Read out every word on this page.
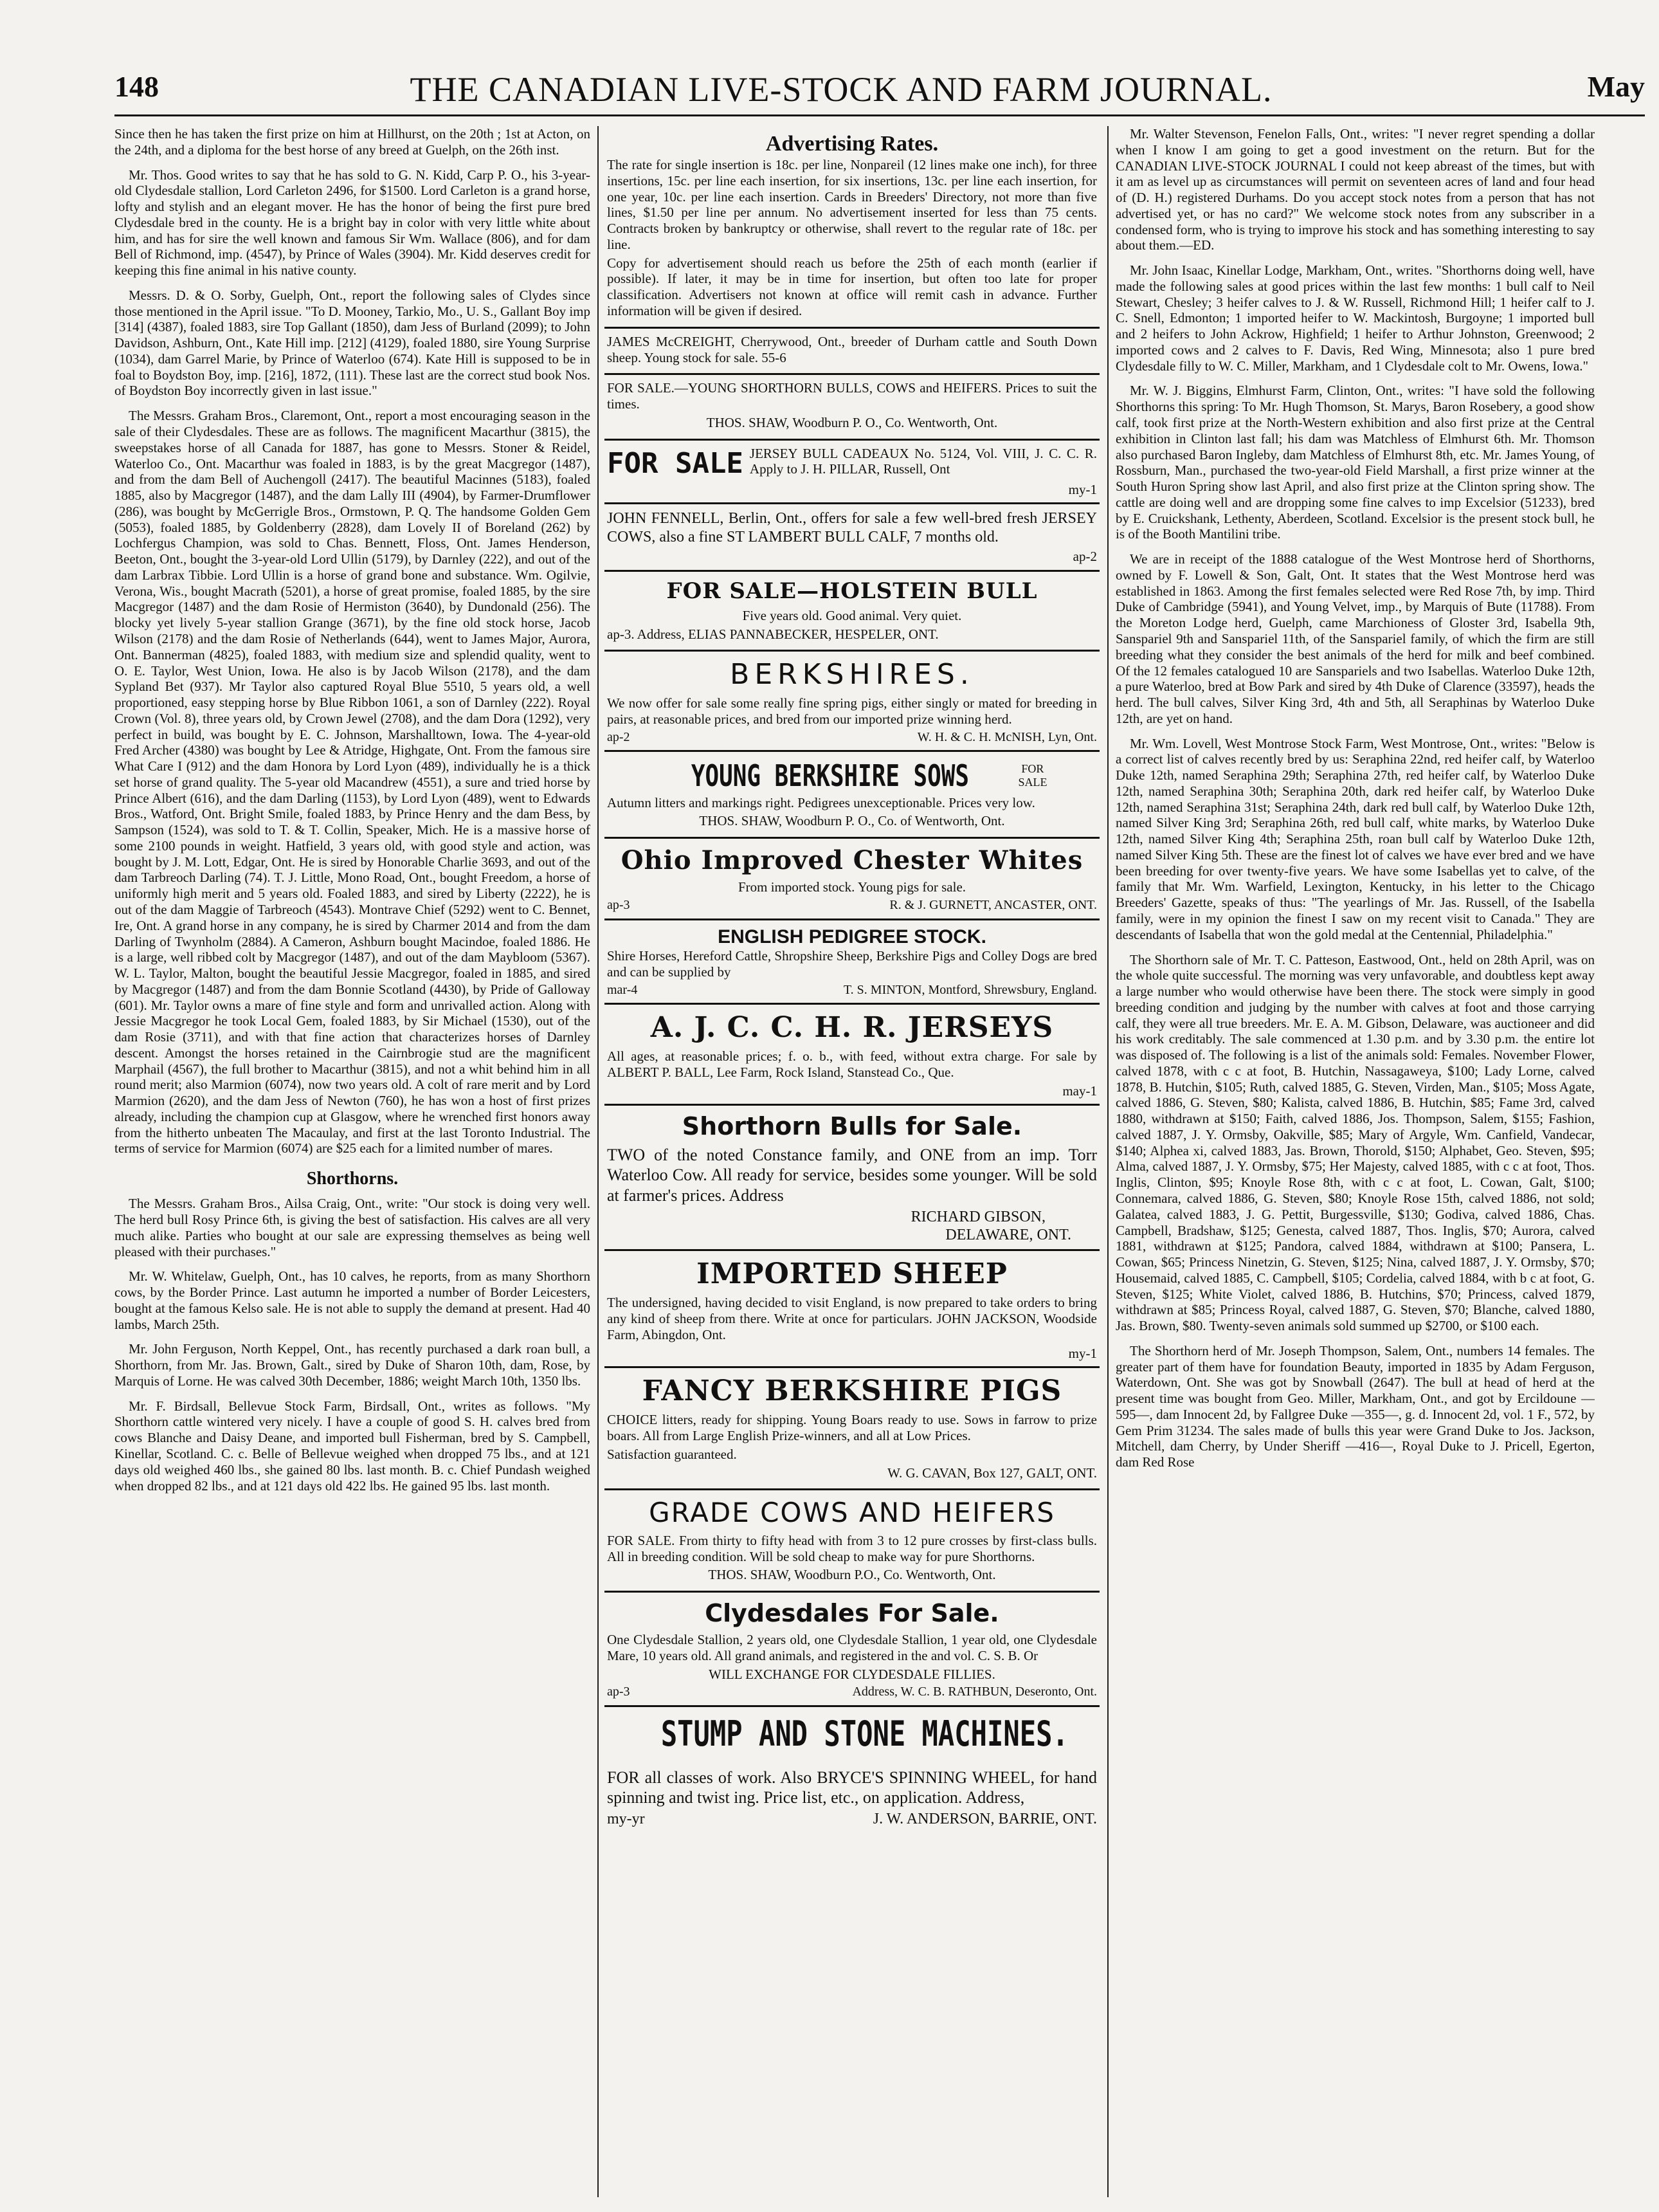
148	THE CANADIAN LIVE-STOCK AND FARM JOURNAL.	May

Since then he has taken the first prize on him at Hillhurst, on the 20th ; 1st at Acton, on the 24th, and a diploma for the best horse of any breed at Guelph, on the 26th inst.

Mr. Thos. Good writes to say that he has sold to G. N. Kidd, Carp P. O., his 3-year-old Clydesdale stallion, Lord Carleton 2496, for $1500. Lord Carleton is a grand horse, lofty and stylish and an elegant mover. He has the honor of being the first pure bred Clydesdale bred in the county. He is a bright bay in color with very little white about him, and has for sire the well known and famous Sir Wm. Wallace (806), and for dam Bell of Richmond, imp. (4547), by Prince of Wales (3904). Mr. Kidd deserves credit for keeping this fine animal in his native county.

Messrs. D. & O. Sorby, Guelph, Ont., report the following sales of Clydes since those mentioned in the April issue. "To D. Mooney, Tarkio, Mo., U. S., Gallant Boy imp [314] (4387), foaled 1883, sire Top Gallant (1850), dam Jess of Burland (2099); to John Davidson, Ashburn, Ont., Kate Hill imp. [212] (4129), foaled 1880, sire Young Surprise (1034), dam Garrel Marie, by Prince of Waterloo (674). Kate Hill is supposed to be in foal to Boydston Boy, imp. [216], 1872, (111). These last are the correct stud book Nos. of Boydston Boy incorrectly given in last issue."

The Messrs. Graham Bros., Claremont, Ont., report a most encouraging season in the sale of their Clydesdales. These are as follows. The magnificent Macarthur (3815), the sweepstakes horse of all Canada for 1887, has gone to Messrs. Stoner & Reidel, Waterloo Co., Ont. Macarthur was foaled in 1883, is by the great Macgregor (1487), and from the dam Bell of Auchengoll (2417). The beautiful Macinnes (5183), foaled 1885, also by Macgregor (1487), and the dam Lally III (4904), by Farmer-Drumflower (286), was bought by McGerrigle Bros., Ormstown, P. Q. The handsome Golden Gem (5053), foaled 1885, by Goldenberry (2828), dam Lovely II of Boreland (262) by Lochfergus Champion, was sold to Chas. Bennett, Floss, Ont. James Henderson, Beeton, Ont., bought the 3-year-old Lord Ullin (5179), by Darnley (222), and out of the dam Larbrax Tibbie. Lord Ullin is a horse of grand bone and substance. Wm. Ogilvie, Verona, Wis., bought Macrath (5201), a horse of great promise, foaled 1885, by the sire Macgregor (1487) and the dam Rosie of Hermiston (3640), by Dundonald (256). The blocky yet lively 5-year stallion Grange (3671), by the fine old stock horse, Jacob Wilson (2178) and the dam Rosie of Netherlands (644), went to James Major, Aurora, Ont. Bannerman (4825), foaled 1883, with medium size and splendid quality, went to O. E. Taylor, West Union, Iowa. He also is by Jacob Wilson (2178), and the dam Sypland Bet (937). Mr Taylor also captured Royal Blue 5510, 5 years old, a well proportioned, easy stepping horse by Blue Ribbon 1061, a son of Darnley (222). Royal Crown (Vol. 8), three years old, by Crown Jewel (2708), and the dam Dora (1292), very perfect in build, was bought by E. C. Johnson, Marshalltown, Iowa. The 4-year-old Fred Archer (4380) was bought by Lee & Atridge, Highgate, Ont. From the famous sire What Care I (912) and the dam Honora by Lord Lyon (489), individually he is a thick set horse of grand quality. The 5-year old Macandrew (4551), a sure and tried horse by Prince Albert (616), and the dam Darling (1153), by Lord Lyon (489), went to Edwards Bros., Watford, Ont. Bright Smile, foaled 1883, by Prince Henry and the dam Bess, by Sampson (1524), was sold to T. & T. Collin, Speaker, Mich. He is a massive horse of some 2100 pounds in weight. Hatfield, 3 years old, with good style and action, was bought by J. M. Lott, Edgar, Ont. He is sired by Honorable Charlie 3693, and out of the dam Tarbreoch Darling (74). T. J. Little, Mono Road, Ont., bought Freedom, a horse of uniformly high merit and 5 years old. Foaled 1883, and sired by Liberty (2222), he is out of the dam Maggie of Tarbreoch (4543). Montrave Chief (5292) went to C. Bennet, Ire, Ont. A grand horse in any company, he is sired by Charmer 2014 and from the dam Darling of Twynholm (2884). A Cameron, Ashburn bought Macindoe, foaled 1886. He is a large, well ribbed colt by Macgregor (1487), and out of the dam Maybloom (5367). W. L. Taylor, Malton, bought the beautiful Jessie Macgregor, foaled in 1885, and sired by Macgregor (1487) and from the dam Bonnie Scotland (4430), by Pride of Galloway (601). Mr. Taylor owns a mare of fine style and form and unrivalled action. Along with Jessie Macgregor he took Local Gem, foaled 1883, by Sir Michael (1530), out of the dam Rosie (3711), and with that fine action that characterizes horses of Darnley descent. Amongst the horses retained in the Cairnbrogie stud are the magnificent Marphail (4567), the full brother to Macarthur (3815), and not a whit behind him in all round merit; also Marmion (6074), now two years old. A colt of rare merit and by Lord Marmion (2620), and the dam Jess of Newton (760), he has won a host of first prizes already, including the champion cup at Glasgow, where he wrenched first honors away from the hitherto unbeaten The Macaulay, and first at the last Toronto Industrial. The terms of service for Marmion (6074) are $25 each for a limited number of mares.

Shorthorns.

The Messrs. Graham Bros., Ailsa Craig, Ont., write: "Our stock is doing very well. The herd bull Rosy Prince 6th, is giving the best of satisfaction. His calves are all very much alike. Parties who bought at our sale are expressing themselves as being well pleased with their purchases."

Mr. W. Whitelaw, Guelph, Ont., has 10 calves, he reports, from as many Shorthorn cows, by the Border Prince. Last autumn he imported a number of Border Leicesters, bought at the famous Kelso sale. He is not able to supply the demand at present. Had 40 lambs, March 25th.

Mr. John Ferguson, North Keppel, Ont., has recently purchased a dark roan bull, a Shorthorn, from Mr. Jas. Brown, Galt., sired by Duke of Sharon 10th, dam, Rose, by Marquis of Lorne. He was calved 30th December, 1886; weight March 10th, 1350 lbs.

Mr. F. Birdsall, Bellevue Stock Farm, Birdsall, Ont., writes as follows. "My Shorthorn cattle wintered very nicely. I have a couple of good S. H. calves bred from cows Blanche and Daisy Deane, and imported bull Fisherman, bred by S. Campbell, Kinellar, Scotland. C. c. Belle of Bellevue weighed when dropped 75 lbs., and at 121 days old weighed 460 lbs., she gained 80 lbs. last month. B. c. Chief Pundash weighed when dropped 82 lbs., and at 121 days old 422 lbs. He gained 95 lbs. last month.

Advertising Rates.

The rate for single insertion is 18c. per line, Nonpareil (12 lines make one inch), for three insertions, 15c. per line each insertion, for six insertions, 13c. per line each insertion, for one year, 10c. per line each insertion. Cards in Breeders' Directory, not more than five lines, $1.50 per line per annum. No advertisement inserted for less than 75 cents. Contracts broken by bankruptcy or otherwise, shall revert to the regular rate of 18c. per line.

Copy for advertisement should reach us before the 25th of each month (earlier if possible). If later, it may be in time for insertion, but often too late for proper classification. Advertisers not known at office will remit cash in advance. Further information will be given if desired.

JAMES McCREIGHT, Cherrywood, Ont., breeder of Durham cattle and South Down sheep. Young stock for sale. 55-6

FOR SALE.—YOUNG SHORTHORN BULLS, COWS and HEIFERS. Prices to suit the times.

THOS. SHAW, Woodburn P. O., Co. Wentworth, Ont.

FOR SALE JERSEY BULL CADEAUX No. 5124, Vol. VIII, J. C. C. R. Apply to J. H. PILLAR, Russell, Ont
my-1

JOHN FENNELL, Berlin, Ont., offers for sale a few well-bred fresh JERSEY COWS, also a fine ST LAMBERT BULL CALF, 7 months old.

ap-2
FOR SALE—HOLSTEIN BULL

Five years old. Good animal. Very quiet.

ap-3. Address, ELIAS PANNABECKER, HESPELER, ONT.

BERKSHIRES.

We now offer for sale some really fine spring pigs, either singly or mated for breeding in pairs, at reasonable prices, and bred from our imported prize winning herd.

ap-2	W. H. & C. H. McNISH, Lyn, Ont.
YOUNG BERKSHIRE SOWS	FOR SALE

Autumn litters and markings right. Pedigrees unexceptionable. Prices very low.

THOS. SHAW, Woodburn P. O., Co. of Wentworth, Ont.

Ohio Improved Chester Whites

From imported stock. Young pigs for sale.

ap-3	R. & J. GURNETT, ANCASTER, ONT.
ENGLISH PEDIGREE STOCK.

Shire Horses, Hereford Cattle, Shropshire Sheep, Berkshire Pigs and Colley Dogs are bred and can be supplied by

mar-4	T. S. MINTON, Montford, Shrewsbury, England.
A. J. C. C. H. R. JERSEYS

All ages, at reasonable prices; f. o. b., with feed, without extra charge. For sale by ALBERT P. BALL, Lee Farm, Rock Island, Stanstead Co., Que.

may-1
Shorthorn Bulls for Sale.

TWO of the noted Constance family, and ONE from an imp. Torr Waterloo Cow. All ready for service, besides some younger. Will be sold at farmer's prices. Address

RICHARD GIBSON,
DELAWARE, ONT.
IMPORTED SHEEP

The undersigned, having decided to visit England, is now prepared to take orders to bring any kind of sheep from there. Write at once for particulars. JOHN JACKSON, Woodside Farm, Abingdon, Ont.

my-1
FANCY BERKSHIRE PIGS

CHOICE litters, ready for shipping. Young Boars ready to use. Sows in farrow to prize boars. All from Large English Prize-winners, and all at Low Prices.

Satisfaction guaranteed.

W. G. CAVAN, Box 127, GALT, ONT.

GRADE COWS AND HEIFERS

FOR SALE. From thirty to fifty head with from 3 to 12 pure crosses by first-class bulls. All in breeding condition. Will be sold cheap to make way for pure Shorthorns.

THOS. SHAW, Woodburn P.O., Co. Wentworth, Ont.

Clydesdales For Sale.

One Clydesdale Stallion, 2 years old, one Clydesdale Stallion, 1 year old, one Clydesdale Mare, 10 years old. All grand animals, and registered in the and vol. C. S. B. Or

WILL EXCHANGE FOR CLYDESDALE FILLIES.

ap-3	Address, W. C. B. RATHBUN, Deseronto, Ont.
STUMP AND STONE MACHINES.

FOR all classes of work. Also BRYCE'S SPINNING WHEEL, for hand spinning and twist ing. Price list, etc., on application. Address,

my-yr	J. W. ANDERSON, BARRIE, ONT.

Mr. Walter Stevenson, Fenelon Falls, Ont., writes: "I never regret spending a dollar when I know I am going to get a good investment on the return. But for the CANADIAN LIVE-STOCK JOURNAL I could not keep abreast of the times, but with it am as level up as circumstances will permit on seventeen acres of land and four head of (D. H.) registered Durhams. Do you accept stock notes from a person that has not advertised yet, or has no card?" We welcome stock notes from any subscriber in a condensed form, who is trying to improve his stock and has something interesting to say about them.—ED.

Mr. John Isaac, Kinellar Lodge, Markham, Ont., writes. "Shorthorns doing well, have made the following sales at good prices within the last few months: 1 bull calf to Neil Stewart, Chesley; 3 heifer calves to J. & W. Russell, Richmond Hill; 1 heifer calf to J. C. Snell, Edmonton; 1 imported heifer to W. Mackintosh, Burgoyne; 1 imported bull and 2 heifers to John Ackrow, Highfield; 1 heifer to Arthur Johnston, Greenwood; 2 imported cows and 2 calves to F. Davis, Red Wing, Minnesota; also 1 pure bred Clydesdale filly to W. C. Miller, Markham, and 1 Clydesdale colt to Mr. Owens, Iowa."

Mr. W. J. Biggins, Elmhurst Farm, Clinton, Ont., writes: "I have sold the following Shorthorns this spring: To Mr. Hugh Thomson, St. Marys, Baron Rosebery, a good show calf, took first prize at the North-Western exhibition and also first prize at the Central exhibition in Clinton last fall; his dam was Matchless of Elmhurst 6th. Mr. Thomson also purchased Baron Ingleby, dam Matchless of Elmhurst 8th, etc. Mr. James Young, of Rossburn, Man., purchased the two-year-old Field Marshall, a first prize winner at the South Huron Spring show last April, and also first prize at the Clinton spring show. The cattle are doing well and are dropping some fine calves to imp Excelsior (51233), bred by E. Cruickshank, Lethenty, Aberdeen, Scotland. Excelsior is the present stock bull, he is of the Booth Mantilini tribe.

We are in receipt of the 1888 catalogue of the West Montrose herd of Shorthorns, owned by F. Lowell & Son, Galt, Ont. It states that the West Montrose herd was established in 1863. Among the first females selected were Red Rose 7th, by imp. Third Duke of Cambridge (5941), and Young Velvet, imp., by Marquis of Bute (11788). From the Moreton Lodge herd, Guelph, came Marchioness of Gloster 3rd, Isabella 9th, Sanspariel 9th and Sanspariel 11th, of the Sanspariel family, of which the firm are still breeding what they consider the best animals of the herd for milk and beef combined. Of the 12 females catalogued 10 are Sanspariels and two Isabellas. Waterloo Duke 12th, a pure Waterloo, bred at Bow Park and sired by 4th Duke of Clarence (33597), heads the herd. The bull calves, Silver King 3rd, 4th and 5th, all Seraphinas by Waterloo Duke 12th, are yet on hand.

Mr. Wm. Lovell, West Montrose Stock Farm, West Montrose, Ont., writes: "Below is a correct list of calves recently bred by us: Seraphina 22nd, red heifer calf, by Waterloo Duke 12th, named Seraphina 29th; Seraphina 27th, red heifer calf, by Waterloo Duke 12th, named Seraphina 30th; Seraphina 20th, dark red heifer calf, by Waterloo Duke 12th, named Seraphina 31st; Seraphina 24th, dark red bull calf, by Waterloo Duke 12th, named Silver King 3rd; Seraphina 26th, red bull calf, white marks, by Waterloo Duke 12th, named Silver King 4th; Seraphina 25th, roan bull calf by Waterloo Duke 12th, named Silver King 5th. These are the finest lot of calves we have ever bred and we have been breeding for over twenty-five years. We have some Isabellas yet to calve, of the family that Mr. Wm. Warfield, Lexington, Kentucky, in his letter to the Chicago Breeders' Gazette, speaks of thus: "The yearlings of Mr. Jas. Russell, of the Isabella family, were in my opinion the finest I saw on my recent visit to Canada." They are descendants of Isabella that won the gold medal at the Centennial, Philadelphia."

The Shorthorn sale of Mr. T. C. Patteson, Eastwood, Ont., held on 28th April, was on the whole quite successful. The morning was very unfavorable, and doubtless kept away a large number who would otherwise have been there. The stock were simply in good breeding condition and judging by the number with calves at foot and those carrying calf, they were all true breeders. Mr. E. A. M. Gibson, Delaware, was auctioneer and did his work creditably. The sale commenced at 1.30 p.m. and by 3.30 p.m. the entire lot was disposed of. The following is a list of the animals sold: Females. November Flower, calved 1878, with c c at foot, B. Hutchin, Nassagaweya, $100; Lady Lorne, calved 1878, B. Hutchin, $105; Ruth, calved 1885, G. Steven, Virden, Man., $105; Moss Agate, calved 1886, G. Steven, $80; Kalista, calved 1886, B. Hutchin, $85; Fame 3rd, calved 1880, withdrawn at $150; Faith, calved 1886, Jos. Thompson, Salem, $155; Fashion, calved 1887, J. Y. Ormsby, Oakville, $85; Mary of Argyle, Wm. Canfield, Vandecar, $140; Alphea xi, calved 1883, Jas. Brown, Thorold, $150; Alphabet, Geo. Steven, $95; Alma, calved 1887, J. Y. Ormsby, $75; Her Majesty, calved 1885, with c c at foot, Thos. Inglis, Clinton, $95; Knoyle Rose 8th, with c c at foot, L. Cowan, Galt, $100; Connemara, calved 1886, G. Steven, $80; Knoyle Rose 15th, calved 1886, not sold; Galatea, calved 1883, J. G. Pettit, Burgessville, $130; Godiva, calved 1886, Chas. Campbell, Bradshaw, $125; Genesta, calved 1887, Thos. Inglis, $70; Aurora, calved 1881, withdrawn at $125; Pandora, calved 1884, withdrawn at $100; Pansera, L. Cowan, $65; Princess Ninetzin, G. Steven, $125; Nina, calved 1887, J. Y. Ormsby, $70; Housemaid, calved 1885, C. Campbell, $105; Cordelia, calved 1884, with b c at foot, G. Steven, $125; White Violet, calved 1886, B. Hutchins, $70; Princess, calved 1879, withdrawn at $85; Princess Royal, calved 1887, G. Steven, $70; Blanche, calved 1880, Jas. Brown, $80. Twenty-seven animals sold summed up $2700, or $100 each.

The Shorthorn herd of Mr. Joseph Thompson, Salem, Ont., numbers 14 females. The greater part of them have for foundation Beauty, imported in 1835 by Adam Ferguson, Waterdown, Ont. She was got by Snowball (2647). The bull at head of herd at the present time was bought from Geo. Miller, Markham, Ont., and got by Ercildoune —595—, dam Innocent 2d, by Fallgree Duke —355—, g. d. Innocent 2d, vol. 1 F., 572, by Gem Prim 31234. The sales made of bulls this year were Grand Duke to Jos. Jackson, Mitchell, dam Cherry, by Under Sheriff —416—, Royal Duke to J. Pricell, Egerton, dam Red Rose
